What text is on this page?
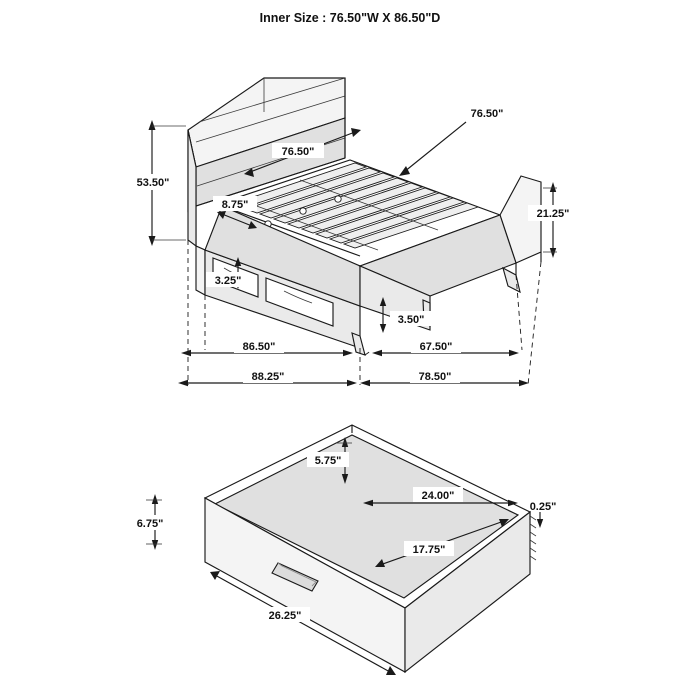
Inner Size : 76.50"W X 86.50"D
53.50"
76.50"
76.50"
8.75"
3.25"
3.50"
21.25"
86.50"	67.50"
88.25"	78.50"
5.75"
24.00"
0.25"
6.75"
17.75"
26.25"
